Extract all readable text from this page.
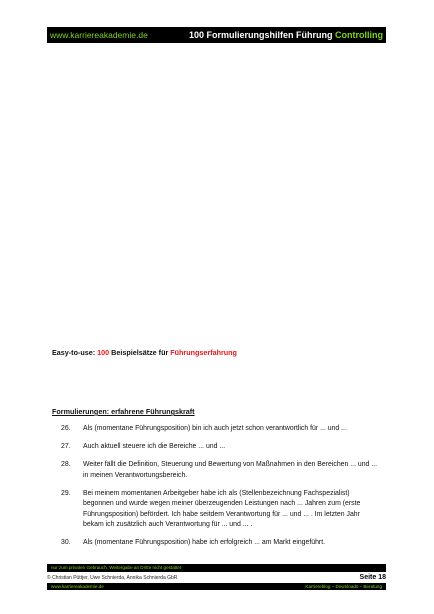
www.karriereakademie.de	100 Formulierungshilfen Führung Controlling
Easy-to-use: 100 Beispielsätze für Führungserfahrung
Formulierungen: erfahrene Führungskraft
26.	Als (momentane Führungsposition) bin ich auch jetzt schon verantwortlich für ... und ...
27.	Auch aktuell steuere ich die Bereiche ... und ...
28.	Weiter fällt die Definition, Steuerung und Bewertung von Maßnahmen in den Bereichen ... und ... in meinen Verantwortungsbereich.
29.	Bei meinem momentanen Arbeitgeber habe ich als (Stellenbezeichnung Fachspezialist) begonnen und wurde wegen meiner überzeugenden Leistungen nach ... Jahren zum (erste Führungsposition) befördert. Ich habe seitdem Verantwortung für ... und ... . Im letzten Jahr bekam ich zusätzlich auch Verantwortung für ... und ... .
30.	Als (momentane Führungsposition) habe ich erfolgreich ... am Markt eingeführt.
nur zum privaten Gebrauch, Weitergabe an Dritte nicht gestattet
© Christian Püttjer, Uwe Schnierda, Annika Schnierda GbR	Seite 18
www.karriereakademie.de	Karriereblog – Downloads – Beratung
